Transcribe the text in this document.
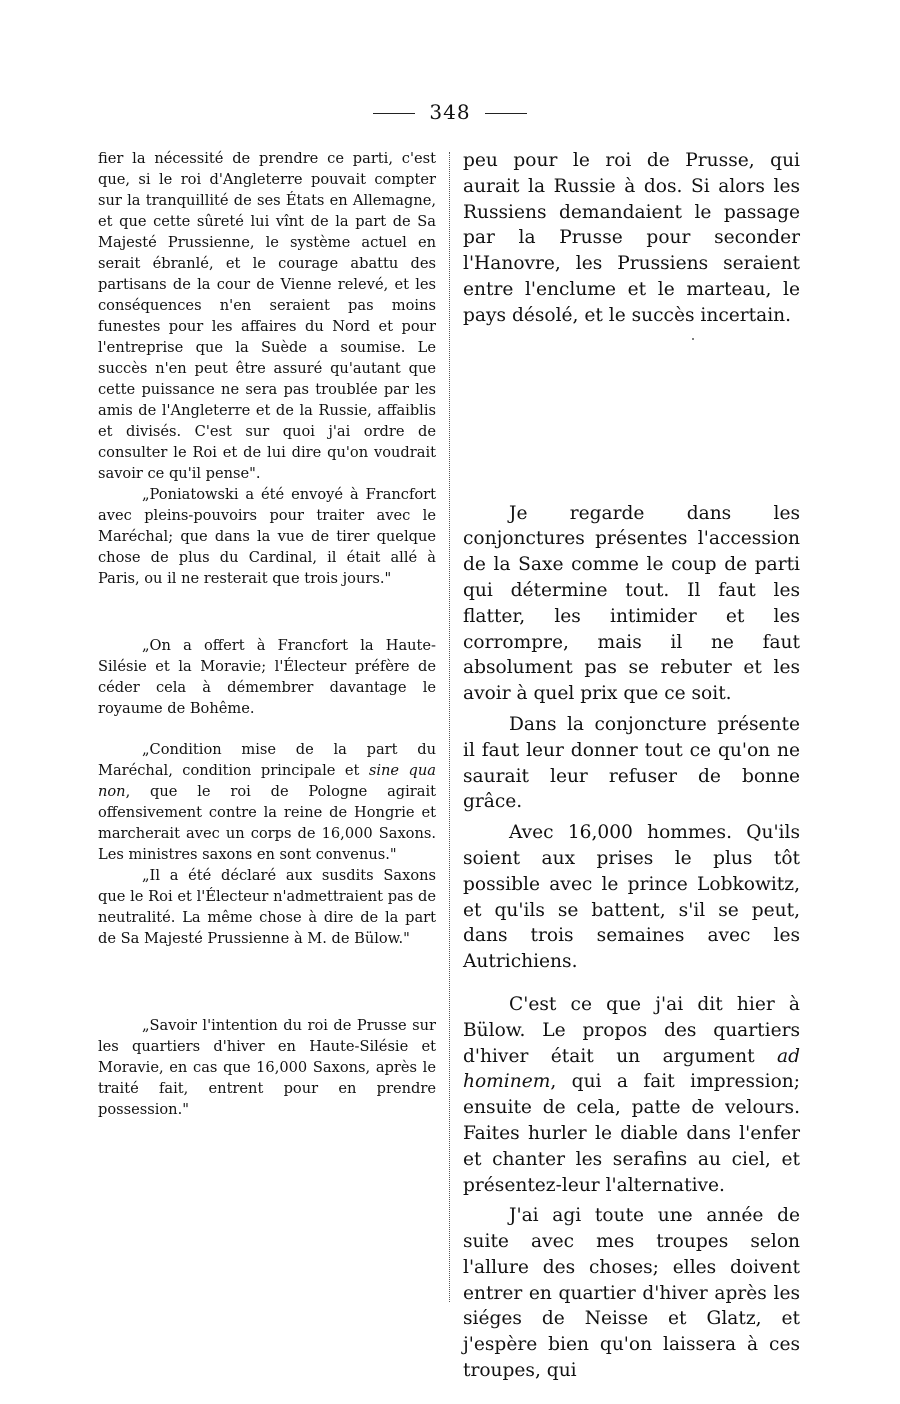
348

fier la nécessité de prendre ce parti, c'est que, si le roi d'Angleterre pouvait compter sur la tranquillité de ses États en Allemagne, et que cette sûreté lui vînt de la part de Sa Majesté Prussienne, le système actuel en serait ébranlé, et le courage abattu des partisans de la cour de Vienne relevé, et les conséquences n'en seraient pas moins funestes pour les affaires du Nord et pour l'entreprise que la Suède a soumise. Le succès n'en peut être assuré qu'autant que cette puissance ne sera pas troublée par les amis de l'Angleterre et de la Russie, affaiblis et divisés. C'est sur quoi j'ai ordre de consulter le Roi et de lui dire qu'on voudrait savoir ce qu'il pense".

„Poniatowski a été envoyé à Francfort avec pleins-pouvoirs pour traiter avec le Maréchal; que dans la vue de tirer quelque chose de plus du Cardinal, il était allé à Paris, ou il ne resterait que trois jours."

„On a offert à Francfort la Haute-Silésie et la Moravie; l'Électeur préfère de céder cela à démembrer davantage le royaume de Bohême.

„Condition mise de la part du Maréchal, condition principale et sine qua non, que le roi de Pologne agirait offensivement contre la reine de Hongrie et marcherait avec un corps de 16,000 Saxons. Les ministres saxons en sont convenus."

„Il a été déclaré aux susdits Saxons que le Roi et l'Électeur n'admettraient pas de neutralité. La même chose à dire de la part de Sa Majesté Prussienne à M. de Bülow."

„Savoir l'intention du roi de Prusse sur les quartiers d'hiver en Haute-Silésie et Moravie, en cas que 16,000 Saxons, après le traité fait, entrent pour en prendre possession."

peu pour le roi de Prusse, qui aurait la Russie à dos. Si alors les Russiens demandaient le passage par la Prusse pour seconder l'Hanovre, les Prussiens seraient entre l'enclume et le marteau, le pays désolé, et le succès incertain.

Je regarde dans les conjonctures présentes l'accession de la Saxe comme le coup de parti qui détermine tout. Il faut les flatter, les intimider et les corrompre, mais il ne faut absolument pas se rebuter et les avoir à quel prix que ce soit.

Dans la conjoncture présente il faut leur donner tout ce qu'on ne saurait leur refuser de bonne grâce.

Avec 16,000 hommes. Qu'ils soient aux prises le plus tôt possible avec le prince Lobkowitz, et qu'ils se battent, s'il se peut, dans trois semaines avec les Autrichiens.

C'est ce que j'ai dit hier à Bülow. Le propos des quartiers d'hiver était un argument ad hominem, qui a fait impression; ensuite de cela, patte de velours. Faites hurler le diable dans l'enfer et chanter les serafins au ciel, et présentez-leur l'alternative.

J'ai agi toute une année de suite avec mes troupes selon l'allure des choses; elles doivent entrer en quartier d'hiver après les siéges de Neisse et Glatz, et j'espère bien qu'on laissera à ces troupes, qui
